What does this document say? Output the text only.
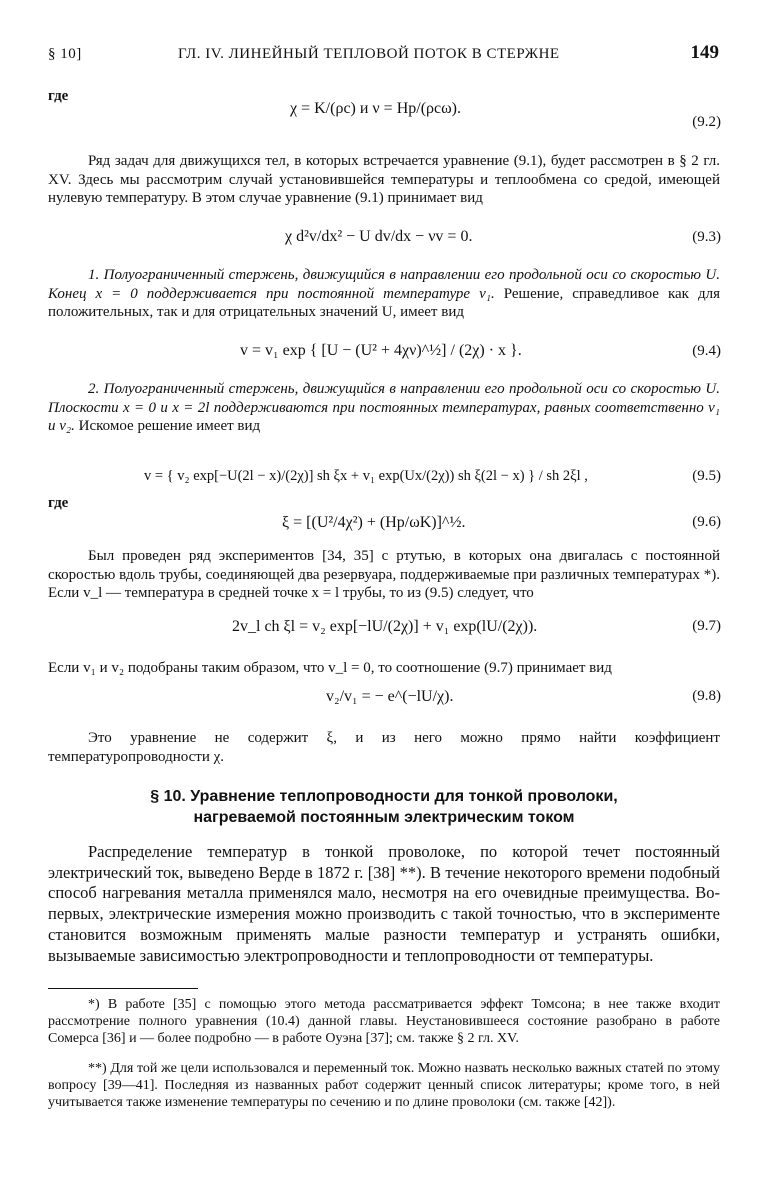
§ 10]	ГЛ. IV. ЛИНЕЙНЫЙ ТЕПЛОВОЙ ПОТОК В СТЕРЖНЕ	149
где
χ = K/(ρc) и ν = Hp/(ρcω).
(9.2)

Ряд задач для движущихся тел, в которых встречается уравнение (9.1), будет рассмотрен в § 2 гл. XV. Здесь мы рассмотрим случай установившейся температуры и теплообмена со средой, имеющей нулевую температуру. В этом случае уравнение (9.1) принимает вид

χ d²v/dx² − U dv/dx − νv = 0.	(9.3)

1. Полуограниченный стержень, движущийся в направлении его продольной оси со скоростью U. Конец x = 0 поддерживается при постоянной температуре v₁. Решение, справедливое как для положительных, так и для отрицательных значений U, имеет вид

v = v₁ exp { [U − (U² + 4χν)^½] / (2χ) · x }.	(9.4)

2. Полуограниченный стержень, движущийся в направлении его продольной оси со скоростью U. Плоскости x = 0 и x = 2l поддерживаются при постоянных температурах, равных соответственно v₁ и v₂. Искомое решение имеет вид

v = { v₂ exp[−U(2l − x)/(2χ)] sh ξx + v₁ exp(Ux/(2χ)) sh ξ(2l − x) } / sh 2ξl ,	(9.5)
где
ξ = [(U²/4χ²) + (Hp/ωK)]^½.	(9.6)

Был проведен ряд экспериментов [34, 35] с ртутью, в которых она двигалась с постоянной скоростью вдоль трубы, соединяющей два резервуара, поддерживаемые при различных температурах *). Если v_l — температура в средней точке x = l трубы, то из (9.5) следует, что

2v_l ch ξl = v₂ exp[−lU/(2χ)] + v₁ exp(lU/(2χ)).	(9.7)

Если v₁ и v₂ подобраны таким образом, что v_l = 0, то соотношение (9.7) принимает вид

v₂/v₁ = − e^(−lU/χ).	(9.8)

Это уравнение не содержит ξ, и из него можно прямо найти коэффициент температуропроводности χ.

§ 10. Уравнение теплопроводности для тонкой проволоки,
нагреваемой постоянным электрическим током

Распределение температур в тонкой проволоке, по которой течет постоянный электрический ток, выведено Верде в 1872 г. [38] **). В течение некоторого времени подобный способ нагревания металла применялся мало, несмотря на его очевидные преимущества. Во-первых, электрические измерения можно производить с такой точностью, что в эксперименте становится возможным применять малые разности температур и устранять ошибки, вызываемые зависимостью электропроводности и теплопроводности от температуры.

*) В работе [35] с помощью этого метода рассматривается эффект Томсона; в нее также входит рассмотрение полного уравнения (10.4) данной главы. Неустановившееся состояние разобрано в работе Сомерса [36] и — более подробно — в работе Оуэна [37]; см. также § 2 гл. XV.

**) Для той же цели использовался и переменный ток. Можно назвать несколько важных статей по этому вопросу [39—41]. Последняя из названных работ содержит ценный список литературы; кроме того, в ней учитывается также изменение температуры по сечению и по длине проволоки (см. также [42]).
